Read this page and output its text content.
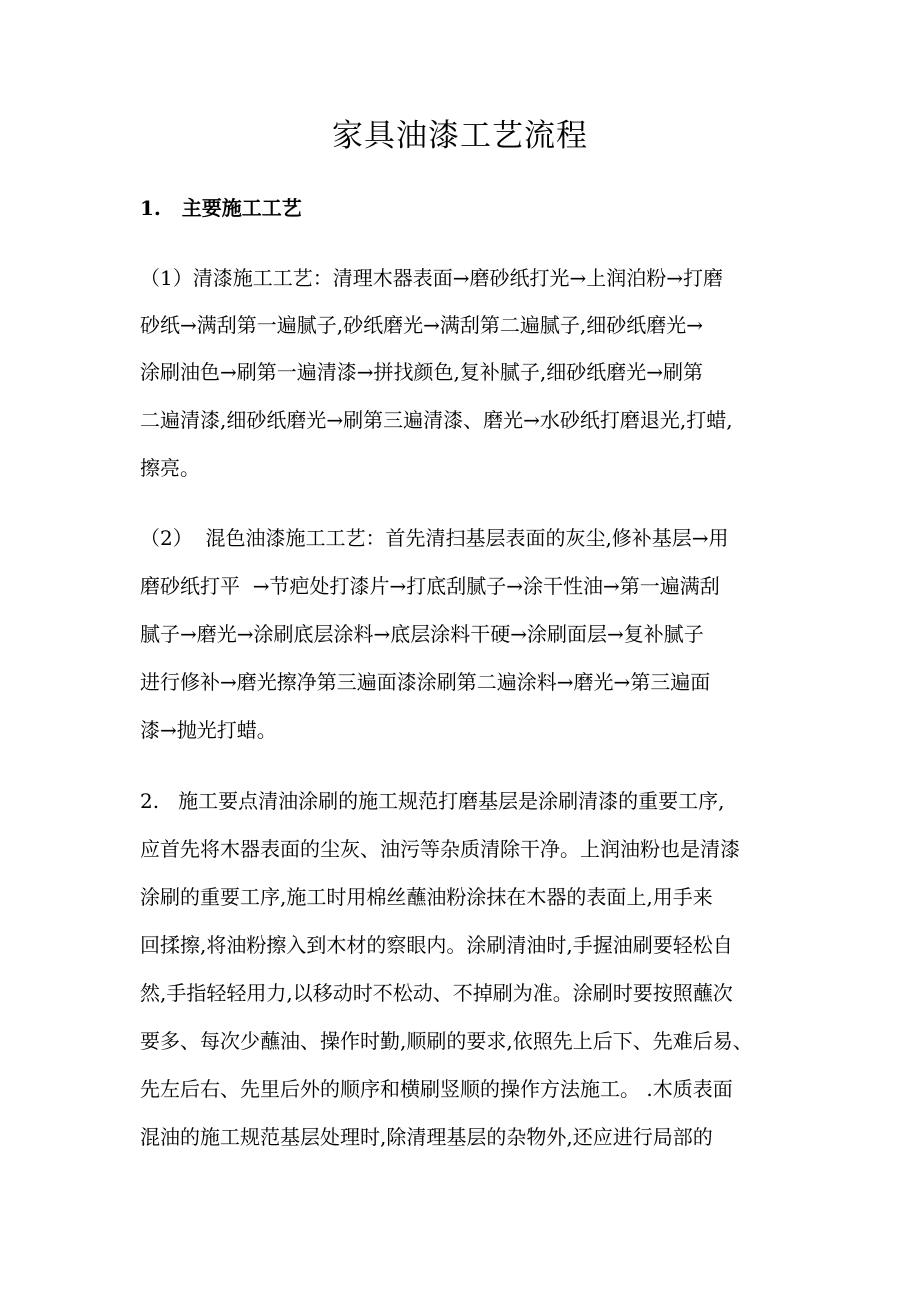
家具油漆工艺流程
1.   主要施工工艺
（1）清漆施工工艺：清理木器表面→磨砂纸打光→上润泊粉→打磨
砂纸→满刮第一遍腻子,砂纸磨光→满刮第二遍腻子,细砂纸磨光→
涂刷油色→刷第一遍清漆→拼找颜色,复补腻子,细砂纸磨光→刷第
二遍清漆,细砂纸磨光→刷第三遍清漆、磨光→水砂纸打磨退光,打蜡,
擦亮。
（2）  混色油漆施工工艺：首先清扫基层表面的灰尘,修补基层→用
磨砂纸打平  →节疤处打漆片→打底刮腻子→涂干性油→第一遍满刮
腻子→磨光→涂刷底层涂料→底层涂料干硬→涂刷面层→复补腻子
进行修补→磨光擦净第三遍面漆涂刷第二遍涂料→磨光→第三遍面
漆→抛光打蜡。
2.   施工要点清油涂刷的施工规范打磨基层是涂刷清漆的重要工序,
应首先将木器表面的尘灰、油污等杂质清除干净。上润油粉也是清漆
涂刷的重要工序,施工时用棉丝蘸油粉涂抹在木器的表面上,用手来
回揉擦,将油粉擦入到木材的察眼内。涂刷清油时,手握油刷要轻松自
然,手指轻轻用力,以移动时不松动、不掉刷为准。涂刷时要按照蘸次
要多、每次少蘸油、操作时勤,顺刷的要求,依照先上后下、先难后易、
先左后右、先里后外的顺序和横刷竖顺的操作方法施工。 .木质表面
混油的施工规范基层处理时,除清理基层的杂物外,还应进行局部的
